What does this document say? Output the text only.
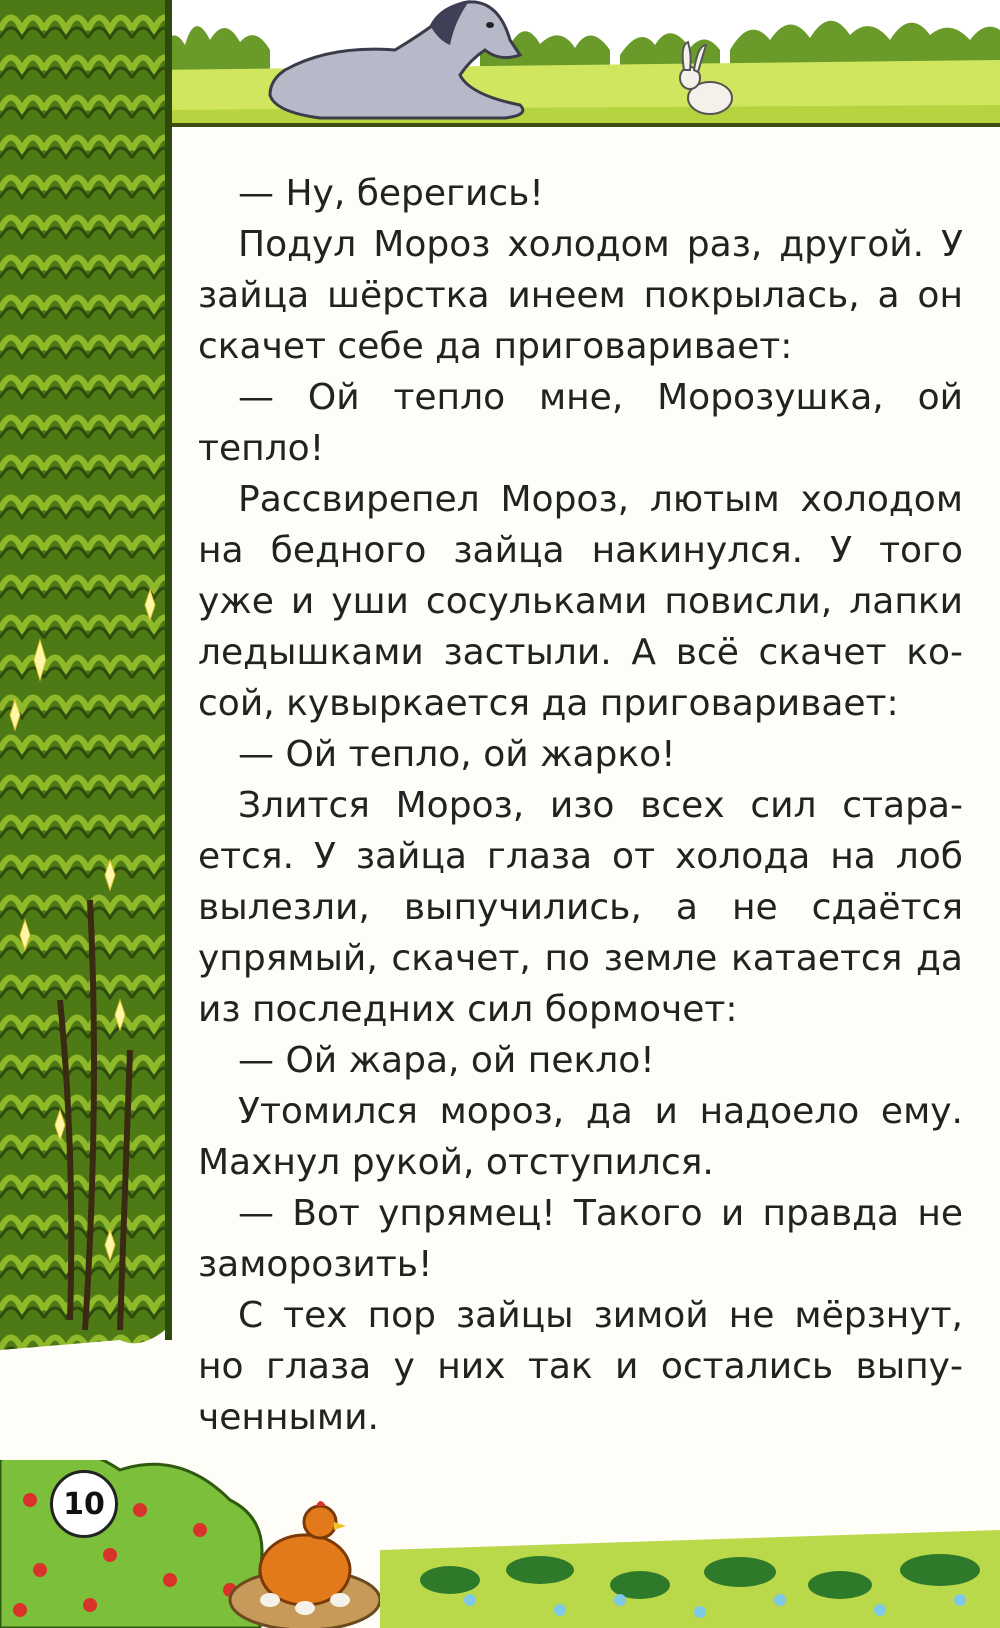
— Ну, берегись!

Подул Мороз холодом раз, другой. У зайца шёрстка инеем покрылась, а он скачет себе да приговаривает:

— Ой тепло мне, Морозушка, ой тепло!

Рассвирепел Мороз, лютым холодом на бедного зайца накинулся. У того уже и уши сосульками повисли, лапки ледышками застыли. А всё скачет косой, кувыркается да приговаривает:

— Ой тепло, ой жарко!

Злится Мороз, изо всех сил старается. У зайца глаза от холода на лоб вылезли, выпучились, а не сдаётся упрямый, скачет, по земле катается да из последних сил бормочет:

— Ой жара, ой пекло!

Утомился мороз, да и надоело ему. Махнул рукой, отступился.

— Вот упрямец! Такого и правда не заморозить!

С тех пор зайцы зимой не мёрзнут, но глаза у них так и остались выпученными.

10
